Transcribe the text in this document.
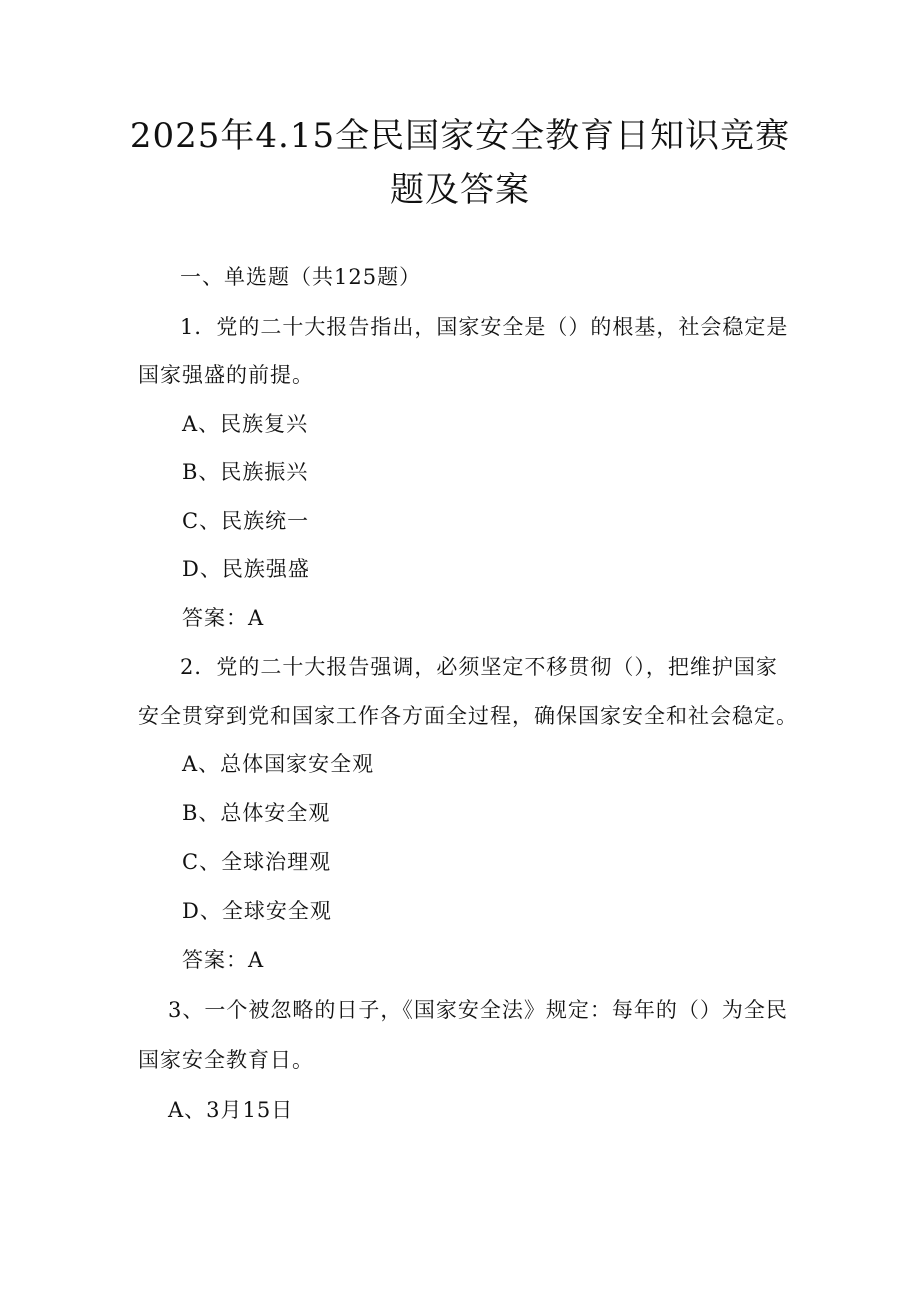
2025年4.15全民国家安全教育日知识竞赛
题及答案
一、单选题（共125题）
1．党的二十大报告指出，国家安全是（）的根基，社会稳定是
国家强盛的前提。
A、民族复兴
B、民族振兴
C、民族统一
D、民族强盛
答案：A
2．党的二十大报告强调，必须坚定不移贯彻（），把维护国家
安全贯穿到党和国家工作各方面全过程，确保国家安全和社会稳定。
A、总体国家安全观
B、总体安全观
C、全球治理观
D、全球安全观
答案：A
3、一个被忽略的日子，《国家安全法》规定：每年的（）为全民
国家安全教育日。
A、3月15日
